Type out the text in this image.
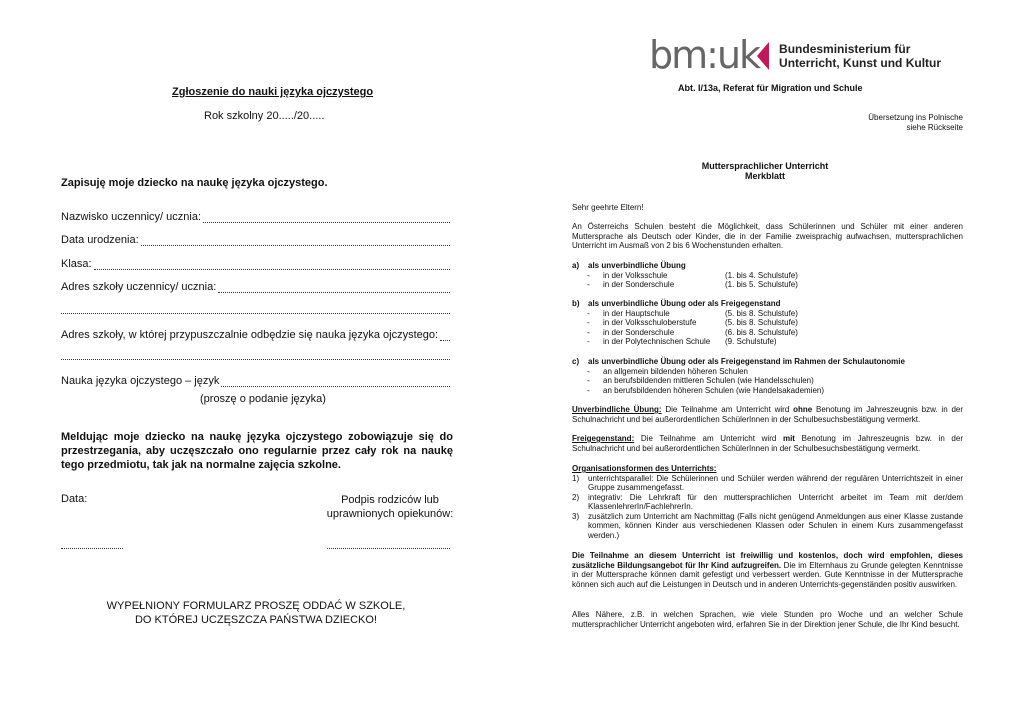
Zgłoszenie do nauki języka ojczystego
Rok szkolny 20...../20.....
Zapisuję moje dziecko na naukę języka ojczystego.
Nazwisko uczennicy/ ucznia:
Data urodzenia:
Klasa:
Adres szkoły uczennicy/ ucznia:
Adres szkoły, w której przypuszczalnie odbędzie się nauka języka ojczystego:
Nauka języka ojczystego – język
(proszę o podanie języka)
Meldując moje dziecko na naukę języka ojczystego zobowiązuje się do przestrzegania, aby uczęszczało ono regularnie przez cały rok na naukę tego przedmiotu, tak jak na normalne zajęcia szkolne.
Data:	Podpis rodziców lub
uprawnionych opiekunów:
WYPEŁNIONY FORMULARZ PROSZĘ ODDAĆ W SZKOLE,
DO KTÓREJ UCZĘSZCZA PAŃSTWA DZIECKO!
bm:uk Bundesministerium für
Unterricht, Kunst und Kultur
Abt. I/13a, Referat für Migration und Schule
Übersetzung ins Polnische
siehe Rückseite
Muttersprachlicher Unterricht
Merkblatt
Sehr geehrte Eltern!
An Österreichs Schulen besteht die Möglichkeit, dass Schülerinnen und Schüler mit einer anderen Muttersprache als Deutsch oder Kinder, die in der Familie zweisprachig aufwachsen, muttersprachlichen Unterricht im Ausmaß von 2 bis 6 Wochenstunden erhalten.
a)	als unverbindliche Übung
-	in der Volksschule	(1. bis 4. Schulstufe)
-	in der Sonderschule	(1. bis 5. Schulstufe)
b)	als unverbindliche Übung oder als Freigegenstand
-	in der Hauptschule	(5. bis 8. Schulstufe)
-	in der Volksschuloberstufe	(5. bis 8. Schulstufe)
-	in der Sonderschule	(6. bis 8. Schulstufe)
-	in der Polytechnischen Schule	(9. Schulstufe)
c)	als unverbindliche Übung oder als Freigegenstand im Rahmen der Schulautonomie
-	an allgemein bildenden höheren Schulen
-	an berufsbildenden mittleren Schulen (wie Handelsschulen)
-	an berufsbildenden höheren Schulen (wie Handelsakademien)
Unverbindliche Übung: Die Teilnahme am Unterricht wird ohne Benotung im Jahreszeugnis bzw. in der Schulnachricht und bei außerordentlichen SchülerInnen in der Schulbesuchsbestätigung vermerkt.
Freigegenstand: Die Teilnahme am Unterricht wird mit Benotung im Jahreszeugnis bzw. in der Schulnachricht und bei außerordentlichen SchülerInnen in der Schulbesuchsbestätigung vermerkt.
Organisationsformen des Unterrichts:
1)	unterrichtsparallel: Die Schülerinnen und Schüler werden während der regulären Unterrichtszeit in einer Gruppe zusammengefasst.
2)	integrativ: Die Lehrkraft für den muttersprachlichen Unterricht arbeitet im Team mit der/dem KlassenlehrerIn/FachlehrerIn.
3)	zusätzlich zum Unterricht am Nachmittag (Falls nicht genügend Anmeldungen aus einer Klasse zustande kommen, können Kinder aus verschiedenen Klassen oder Schulen in einem Kurs zusammengefasst werden.)
Die Teilnahme an diesem Unterricht ist freiwillig und kostenlos, doch wird empfohlen, dieses zusätzliche Bildungsangebot für Ihr Kind aufzugreifen. Die im Elternhaus zu Grunde gelegten Kenntnisse in der Muttersprache können damit gefestigt und verbessert werden. Gute Kenntnisse in der Muttersprache können sich auch auf die Leistungen in Deutsch und in anderen Unterrichts-gegenständen positiv auswirken.
Alles Nähere, z.B. in welchen Sprachen, wie viele Stunden pro Woche und an welcher Schule muttersprachlicher Unterricht angeboten wird, erfahren Sie in der Direktion jener Schule, die Ihr Kind besucht.
